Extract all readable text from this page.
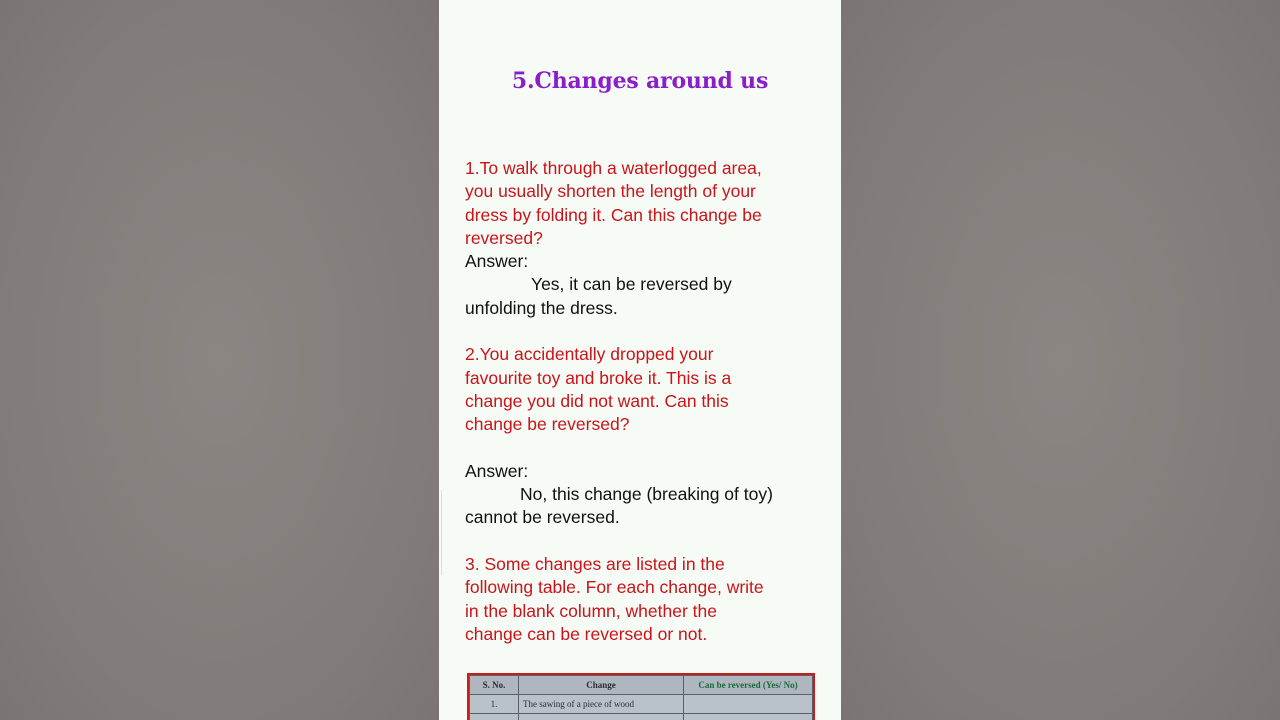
5.Changes around us

1.To walk through a waterlogged area,
you usually shorten the length of your
dress by folding it. Can this change be
reversed?

Answer:

Yes, it can be reversed by

unfolding the dress.

2.You accidentally dropped your
favourite toy and broke it. This is a
change you did not want. Can this
change be reversed?

Answer:

No, this change (breaking of toy)

cannot be reversed.

3. Some changes are listed in the
following table. For each change, write
in the blank column, whether the
change can be reversed or not.

S. No.	Change	Can be reversed (Yes/ No)
1.	The sawing of a piece of wood	
